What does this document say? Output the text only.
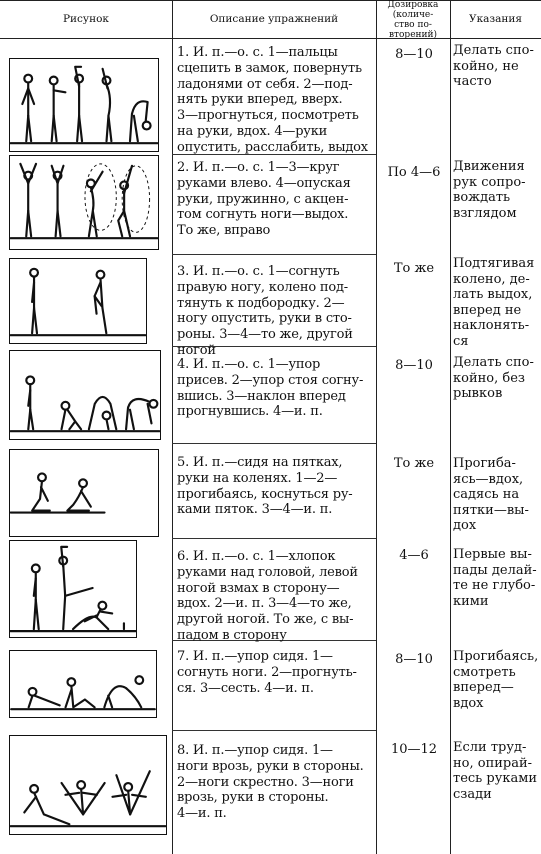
Рисунок	Описание упражнений
Дозировка
(количе-
ство по-
вторений)
Указания
1. И. п.—о. с. 1—пальцы
сцепить в замок, повернуть
ладонями от себя. 2—под-
нять руки вперед, вверх.
3—прогнуться, посмотреть
на руки, вдох. 4—руки
опустить, расслабить, выдох
8—10	Делать спо-
койно, не
часто
2. И. п.—о. с. 1—3—круг
руками влево. 4—опуская
руки, пружинно, с акцен-
том согнуть ноги—выдох.
То же, вправо
По 4—6 Движения
рук сопро-
вождать
взглядом
3. И. п.—о. с. 1—согнуть
правую ногу, колено под-
тянуть к подбородку. 2—
ногу опустить, руки в сто-
роны. 3—4—то же, другой
ногой
То же	Подтягивая
колено, де-
лать выдох,
вперед не
наклонять-
ся
4. И. п.—о. с. 1—упор
присев. 2—упор стоя согну-
вшись. 3—наклон вперед
прогнувшись. 4—и. п.
8—10	Делать спо-
койно, без
рывков
5. И. п.—сидя на пятках,
руки на коленях. 1—2—
прогибаясь, коснуться ру-
ками пяток. 3—4—и. п.
То же	Прогиба-
ясь—вдох,
садясь на
пятки—вы-
дох
6. И. п.—о. с. 1—хлопок
руками над головой, левой
ногой взмах в сторону—
вдох. 2—и. п. 3—4—то же,
другой ногой. То же, с вы-
падом в сторону
4—6	Первые вы-
пады делай-
те не глубо-
кими
7. И. п.—упор сидя. 1—
согнуть ноги. 2—прогнуть-
ся. 3—сесть. 4—и. п.
8—10	Прогибаясь,
смотреть
вперед—
вдох
8. И. п.—упор сидя. 1—
ноги врозь, руки в стороны.
2—ноги скрестно. 3—ноги
врозь, руки в стороны.
4—и. п.
10—12	Если труд-
но, опирай-
тесь руками
сзади
